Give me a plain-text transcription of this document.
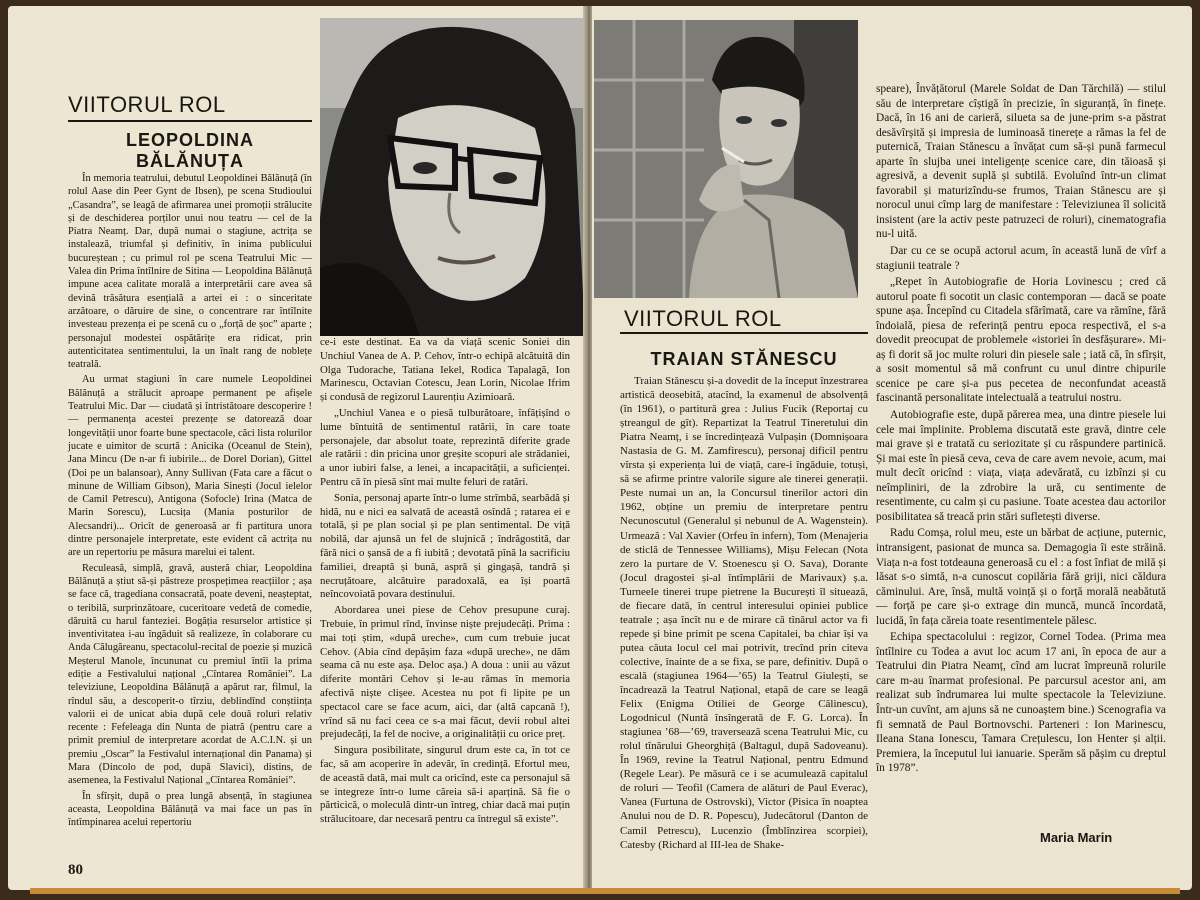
VIITORUL ROL
LEOPOLDINA
BĂLĂNUȚA

În memoria teatrului, debutul Leopoldinei Bălănuță (în rolul Aase din Peer Gynt de Ibsen), pe scena Studioului „Casandra”, se leagă de afirmarea unei promoții strălucite și de deschiderea porților unui nou teatru — cel de la Piatra Neamț. Dar, după numai o stagiune, actrița se instalează, triumfal și definitiv, în inima publicului bucureștean ; cu primul rol pe scena Teatrului Mic — Valea din Prima întîlnire de Sitina — Leopoldina Bălănuță impune acea calitate morală a interpretării care avea să devină trăsătura esențială a artei ei : o sinceritate arzătoare, o dăruire de sine, o concentrare rar întîlnite investeau prezența ei pe scenă cu o „forță de șoc” aparte ; personajul modestei ospătărițe era ridicat, prin autenticitatea sentimentului, la un înalt rang de noblețe teatrală.

Au urmat stagiuni în care numele Leopoldinei Bălănuță a strălucit aproape permanent pe afișele Teatrului Mic. Dar — ciudată și întristătoare descoperire ! — permanența acestei prezențe se datorează doar longevității unor foarte bune spectacole, căci lista rolurilor jucate e uimitor de scurtă : Anicika (Oceanul de Stein), Jana Mincu (De n-ar fi iubirile... de Dorel Dorian), Gittel (Doi pe un balansoar), Anny Sullivan (Fata care a făcut o minune de William Gibson), Maria Sinești (Jocul ielelor de Camil Petrescu), Antigona (Sofocle) Irina (Matca de Marin Sorescu), Lucsița (Mania posturilor de Alecsandri)... Oricît de generoasă ar fi partitura unora dintre personajele interpretate, este evident că actrița nu are un repertoriu pe măsura marelui ei talent.

Reculeasă, simplă, gravă, austeră chiar, Leopoldina Bălănuță a știut să-și păstreze prospețimea reacțiilor ; așa se face că, tragediana consacrată, poate deveni, neașteptat, o teribilă, surprinzătoare, cuceritoare vedetă de comedie, dăruită cu harul fanteziei. Bogăția resurselor artistice și inventivitatea i-au îngăduit să realizeze, în colaborare cu Anda Călugăreanu, spectacolul-recital de poezie și muzică Meșterul Manole, încununat cu premiul întîi la prima ediție a Festivalului național „Cîntarea României”. La televiziune, Leopoldina Bălănuță a apărut rar, filmul, la rîndul său, a descoperit-o tîrziu, deblindînd conștiința valorii ei de unicat abia după cele două roluri relativ recente : Fefeleaga din Nunta de piatră (pentru care a primit premiul de interpretare acordat de A.C.I.N. și un premiu „Oscar” la Festivalul internațional din Panama) și Mara (Dincolo de pod, după Slavici), distins, de asemenea, la Festivalul Național „Cîntarea României”.

În sfîrșit, după o prea lungă absență, în stagiunea aceasta, Leopoldina Bălănuță va mai face un pas în întîmpinarea acelui repertoriu

ce-i este destinat. Ea va da viață scenic Soniei din Unchiul Vanea de A. P. Cehov, într-o echipă alcătuită din Olga Tudorache, Tatiana Iekel, Rodica Tapalagă, Ion Marinescu, Octavian Cotescu, Jean Lorin, Nicolae Ifrim și condusă de regizorul Laurențiu Azimioară.

„Unchiul Vanea e o piesă tulburătoare, înfățișînd o lume bîntuită de sentimentul ratării, în care toate personajele, dar absolut toate, reprezintă diferite grade ale ratării : din pricina unor greșite scopuri ale strădaniei, a unor iubiri false, a lenei, a incapacității, a suficienței. Pentru că în piesă sînt mai multe feluri de ratări.

Sonia, personaj aparte într-o lume strîmbă, searbădă și hidă, nu e nici ea salvată de această osîndă ; ratarea ei e totală, și pe plan social și pe plan sentimental. De viță nobilă, dar ajunsă un fel de slujnică ; îndrăgostită, dar fără nici o șansă de a fi iubită ; devotată pînă la sacrificiu familiei, dreaptă și bună, aspră și gingașă, tandră și necruțătoare, alcătuire paradoxală, ea își poartă neîncovoiată povara destinului.

Abordarea unei piese de Cehov presupune curaj. Trebuie, în primul rînd, învinse niște prejudecăți. Prima : mai toți știm, «după ureche», cum cum trebuie jucat Cehov. (Abia cînd depășim faza «după ureche», ne dăm seama că nu este așa. Deloc așa.) A doua : unii au văzut diferite montări Cehov și le-au rămas în memoria afectivă niște clișee. Acestea nu pot fi lipite pe un spectacol care se face acum, aici, dar (altă capcană !), vrînd să nu faci ceea ce s-a mai făcut, devii robul altei prejudecăți, la fel de nocive, a originalității cu orice preț.

Singura posibilitate, singurul drum este ca, în tot ce fac, să am acoperire în adevăr, în credință. Efortul meu, de această dată, mai mult ca oricînd, este ca personajul să se integreze într-o lume căreia să-i aparțină. Să fie o părticică, o moleculă dintr-un întreg, chiar dacă mai puțin strălucitoare, dar necesară pentru ca întregul să existe”.

80
VIITORUL ROL
TRAIAN STĂNESCU

Traian Stănescu și-a dovedit de la început înzestrarea artistică deosebită, atacînd, la examenul de absolvență (în 1961), o partitură grea : Julius Fucik (Reportaj cu ștreangul de gît). Repartizat la Teatrul Tineretului din Piatra Neamț, i se încredințează Vulpașin (Domnișoara Nastasia de G. M. Zamfirescu), personaj dificil pentru vîrsta și experiența lui de viață, care-i îngăduie, totuși, să se afirme printre valorile sigure ale tinerei generații. Peste numai un an, la Concursul tinerilor actori din 1962, obține un premiu de interpretare pentru Necunoscutul (Generalul și nebunul de A. Wagenstein). Urmează : Val Xavier (Orfeu în infern), Tom (Menajeria de sticlă de Tennessee Williams), Mișu Felecan (Nota zero la purtare de V. Stoenescu și O. Sava), Dorante (Jocul dragostei și-al întîmplării de Marivaux) ș.a. Turneele tinerei trupe pietrene la București îl situează, de fiecare dată, în centrul interesului opiniei publice teatrale ; așa încît nu e de mirare că tînărul actor va fi repede și bine primit pe scena Capitalei, ba chiar își va putea căuta locul cel mai potrivit, trecînd prin citeva colective, înainte de a se fixa, se pare, definitiv. După o escală (stagiunea 1964—’65) la Teatrul Giulești, se încadrează la Teatrul Național, etapă de care se leagă Felix (Enigma Otiliei de George Călinescu), Logodnicul (Nuntă însîngerată de F. G. Lorca). În stagiunea ’68—’69, traversează scena Teatrului Mic, cu rolul tînărului Gheorghiță (Baltagul, după Sadoveanu). În 1969, revine la Teatrul Național, pentru Edmund (Regele Lear). Pe măsură ce i se acumulează capitalul de roluri — Teofil (Camera de alături de Paul Everac), Vanea (Furtuna de Ostrovski), Victor (Pisica în noaptea Anului nou de D. R. Popescu), Judecătorul (Danton de Camil Petrescu), Lucenzio (Îmblînzirea scorpiei), Catesby (Richard al III-lea de Shake-

speare), Învățătorul (Marele Soldat de Dan Tărchilă) — stilul său de interpretare cîștigă în precizie, în siguranță, în finețe. Dacă, în 16 ani de carieră, silueta sa de june-prim s-a păstrat desăvîrșită și impresia de luminoasă tinerețe a rămas la fel de puternică, Traian Stănescu a învățat cum să-și pună farmecul aparte în slujba unei inteligențe scenice care, din tăioasă și agresivă, a devenit suplă și subtilă. Evoluînd într-un climat favorabil și maturizîndu-se frumos, Traian Stănescu are și norocul unui cîmp larg de manifestare : Televiziunea îl solicită insistent (are la activ peste patruzeci de roluri), cinematografia nu-l uită.

Dar cu ce se ocupă actorul acum, în această lună de vîrf a stagiunii teatrale ?

„Repet în Autobiografie de Horia Lovinescu ; cred că autorul poate fi socotit un clasic contemporan — dacă se poate spune așa. Începînd cu Citadela sfărîmată, care va rămîne, fără îndoială, piesa de referință pentru epoca respectivă, el s-a dovedit preocupat de problemele «istoriei în desfășurare». Mi-aș fi dorit să joc multe roluri din piesele sale ; iată că, în sfîrșit, a sosit momentul să mă confrunt cu unul dintre chipurile scenice pe care și-a pus pecetea de neconfundat această fascinantă personalitate intelectuală a teatrului nostru.

Autobiografie este, după părerea mea, una dintre piesele lui cele mai împlinite. Problema discutată este gravă, dintre cele mai grave și e tratată cu seriozitate și cu răspundere partinică. Și mai este în piesă ceva, ceva de care avem nevoie, acum, mai mult decît oricînd : viața, viața adevărată, cu izbînzi și cu neîmpliniri, de la zdrobire la ură, cu sentimente de resentimente, cu calm și cu pasiune. Toate acestea dau actorilor posibilitatea să treacă prin stări sufletești diverse.

Radu Comșa, rolul meu, este un bărbat de acțiune, puternic, intransigent, pasionat de munca sa. Demagogia îi este străină. Viața n-a fost totdeauna generoasă cu el : a fost înfiat de milă și lăsat s-o simtă, n-a cunoscut copilăria fără griji, nici căldura căminului. Are, însă, multă voință și o forță morală neabătută — forță pe care și-o extrage din muncă, muncă încordată, lucidă, în fața căreia toate resentimentele pălesc.

Echipa spectacolului : regizor, Cornel Todea. (Prima mea întîlnire cu Todea a avut loc acum 17 ani, în epoca de aur a Teatrului din Piatra Neamț, cînd am lucrat împreună rolurile care m-au înarmat profesional. Pe parcursul acestor ani, am realizat sub îndrumarea lui multe spectacole la Televiziune. Într-un cuvînt, am ajuns să ne cunoaștem bine.) Scenografia va fi semnată de Paul Bortnovschi. Parteneri : Ion Marinescu, Ileana Stana Ionescu, Tamara Crețulescu, Ion Henter și alții. Premiera, la începutul lui ianuarie. Sperăm să pășim cu dreptul în 1978”.

Maria Marin
